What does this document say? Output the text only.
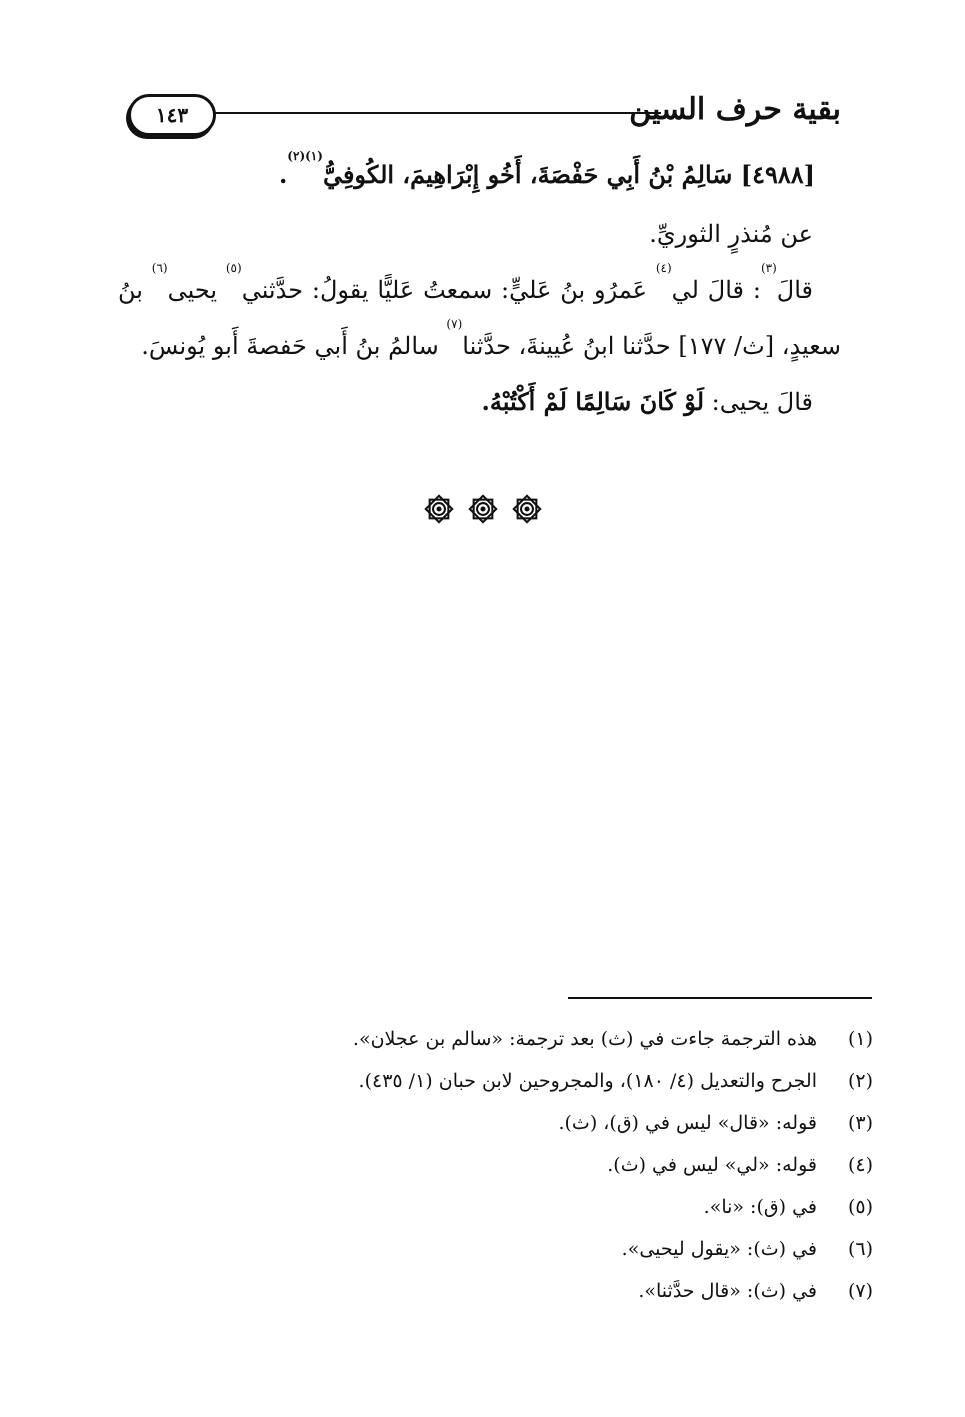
بقية حرف السين
١٤٣

[٤٩٨٨] سَالِمُ بْنُ أَبِي حَفْصَةَ، أَخُو إِبْرَاهِيمَ، الكُوفِيُّ$^{(١)(٢)}$.

عن مُنذرٍ الثوريِّ.

قالَ$^{(٣)}$: قالَ لي$^{(٤)}$ عَمرُو بنُ عَليٍّ: سمعتُ عَليًّا يقولُ: حدَّثني$^{(٥)}$ يحيى$^{(٦)}$ بنُ سعيدٍ، [ث/ ١٧٧] حدَّثنا ابنُ عُيينةَ، حدَّثنا$^{(٧)}$ سالمُ بنُ أَبي حَفصةَ أَبو يُونسَ.

قالَ يحيى: لَوْ كَانَ سَالِمًا لَمْ أَكْتُبْهُ.

(١)
هذه الترجمة جاءت في (ث) بعد ترجمة: «سالم بن عجلان».
(٢)
الجرح والتعديل (٤/ ١٨٠)، والمجروحين لابن حبان (١/ ٤٣٥).
(٣)
قوله: «قال» ليس في (ق)، (ث).
(٤)
قوله: «لي» ليس في (ث).
(٥)
في (ق): «نا».
(٦)
في (ث): «يقول ليحيى».
(٧)
في (ث): «قال حدَّثنا».
